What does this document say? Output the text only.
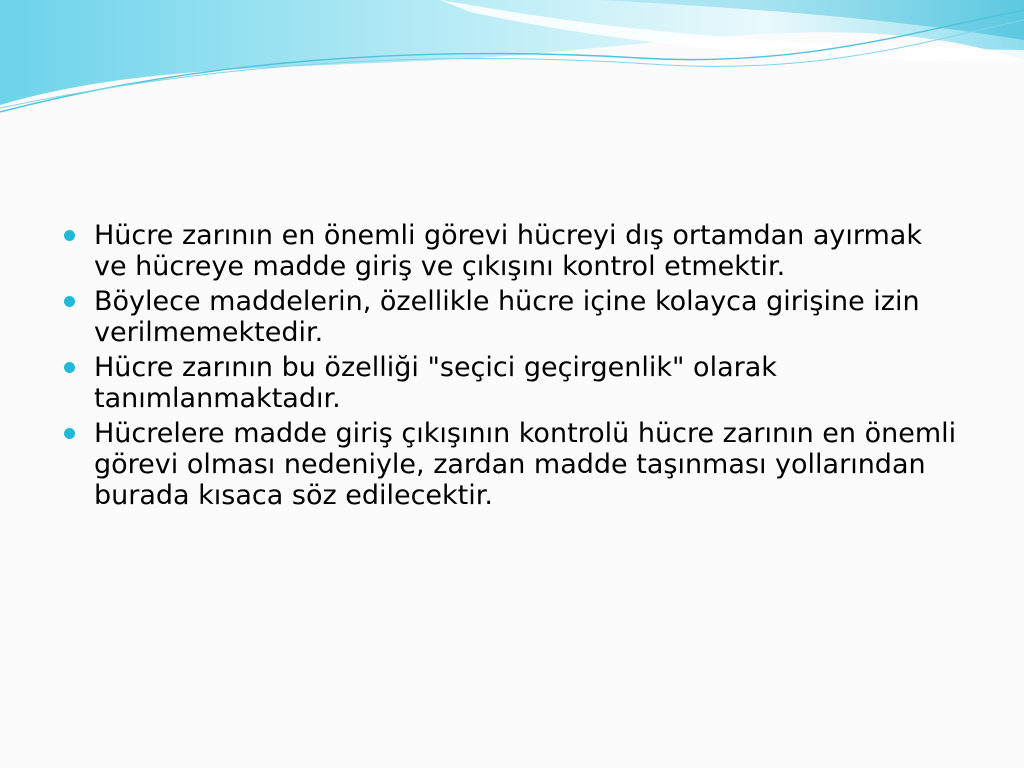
Hücre zarının en önemli görevi hücreyi dış ortamdan ayırmak ve hücreye madde giriş ve çıkışını kontrol etmektir.
Böylece maddelerin, özellikle hücre içine kolayca girişine izin verilmemektedir.
Hücre zarının bu özelliği "seçici geçirgenlik" olarak tanımlanmaktadır.
Hücrelere madde giriş çıkışının kontrolü hücre zarının en önemli görevi olması nedeniyle, zardan madde taşınması yollarından burada kısaca söz edilecektir.
